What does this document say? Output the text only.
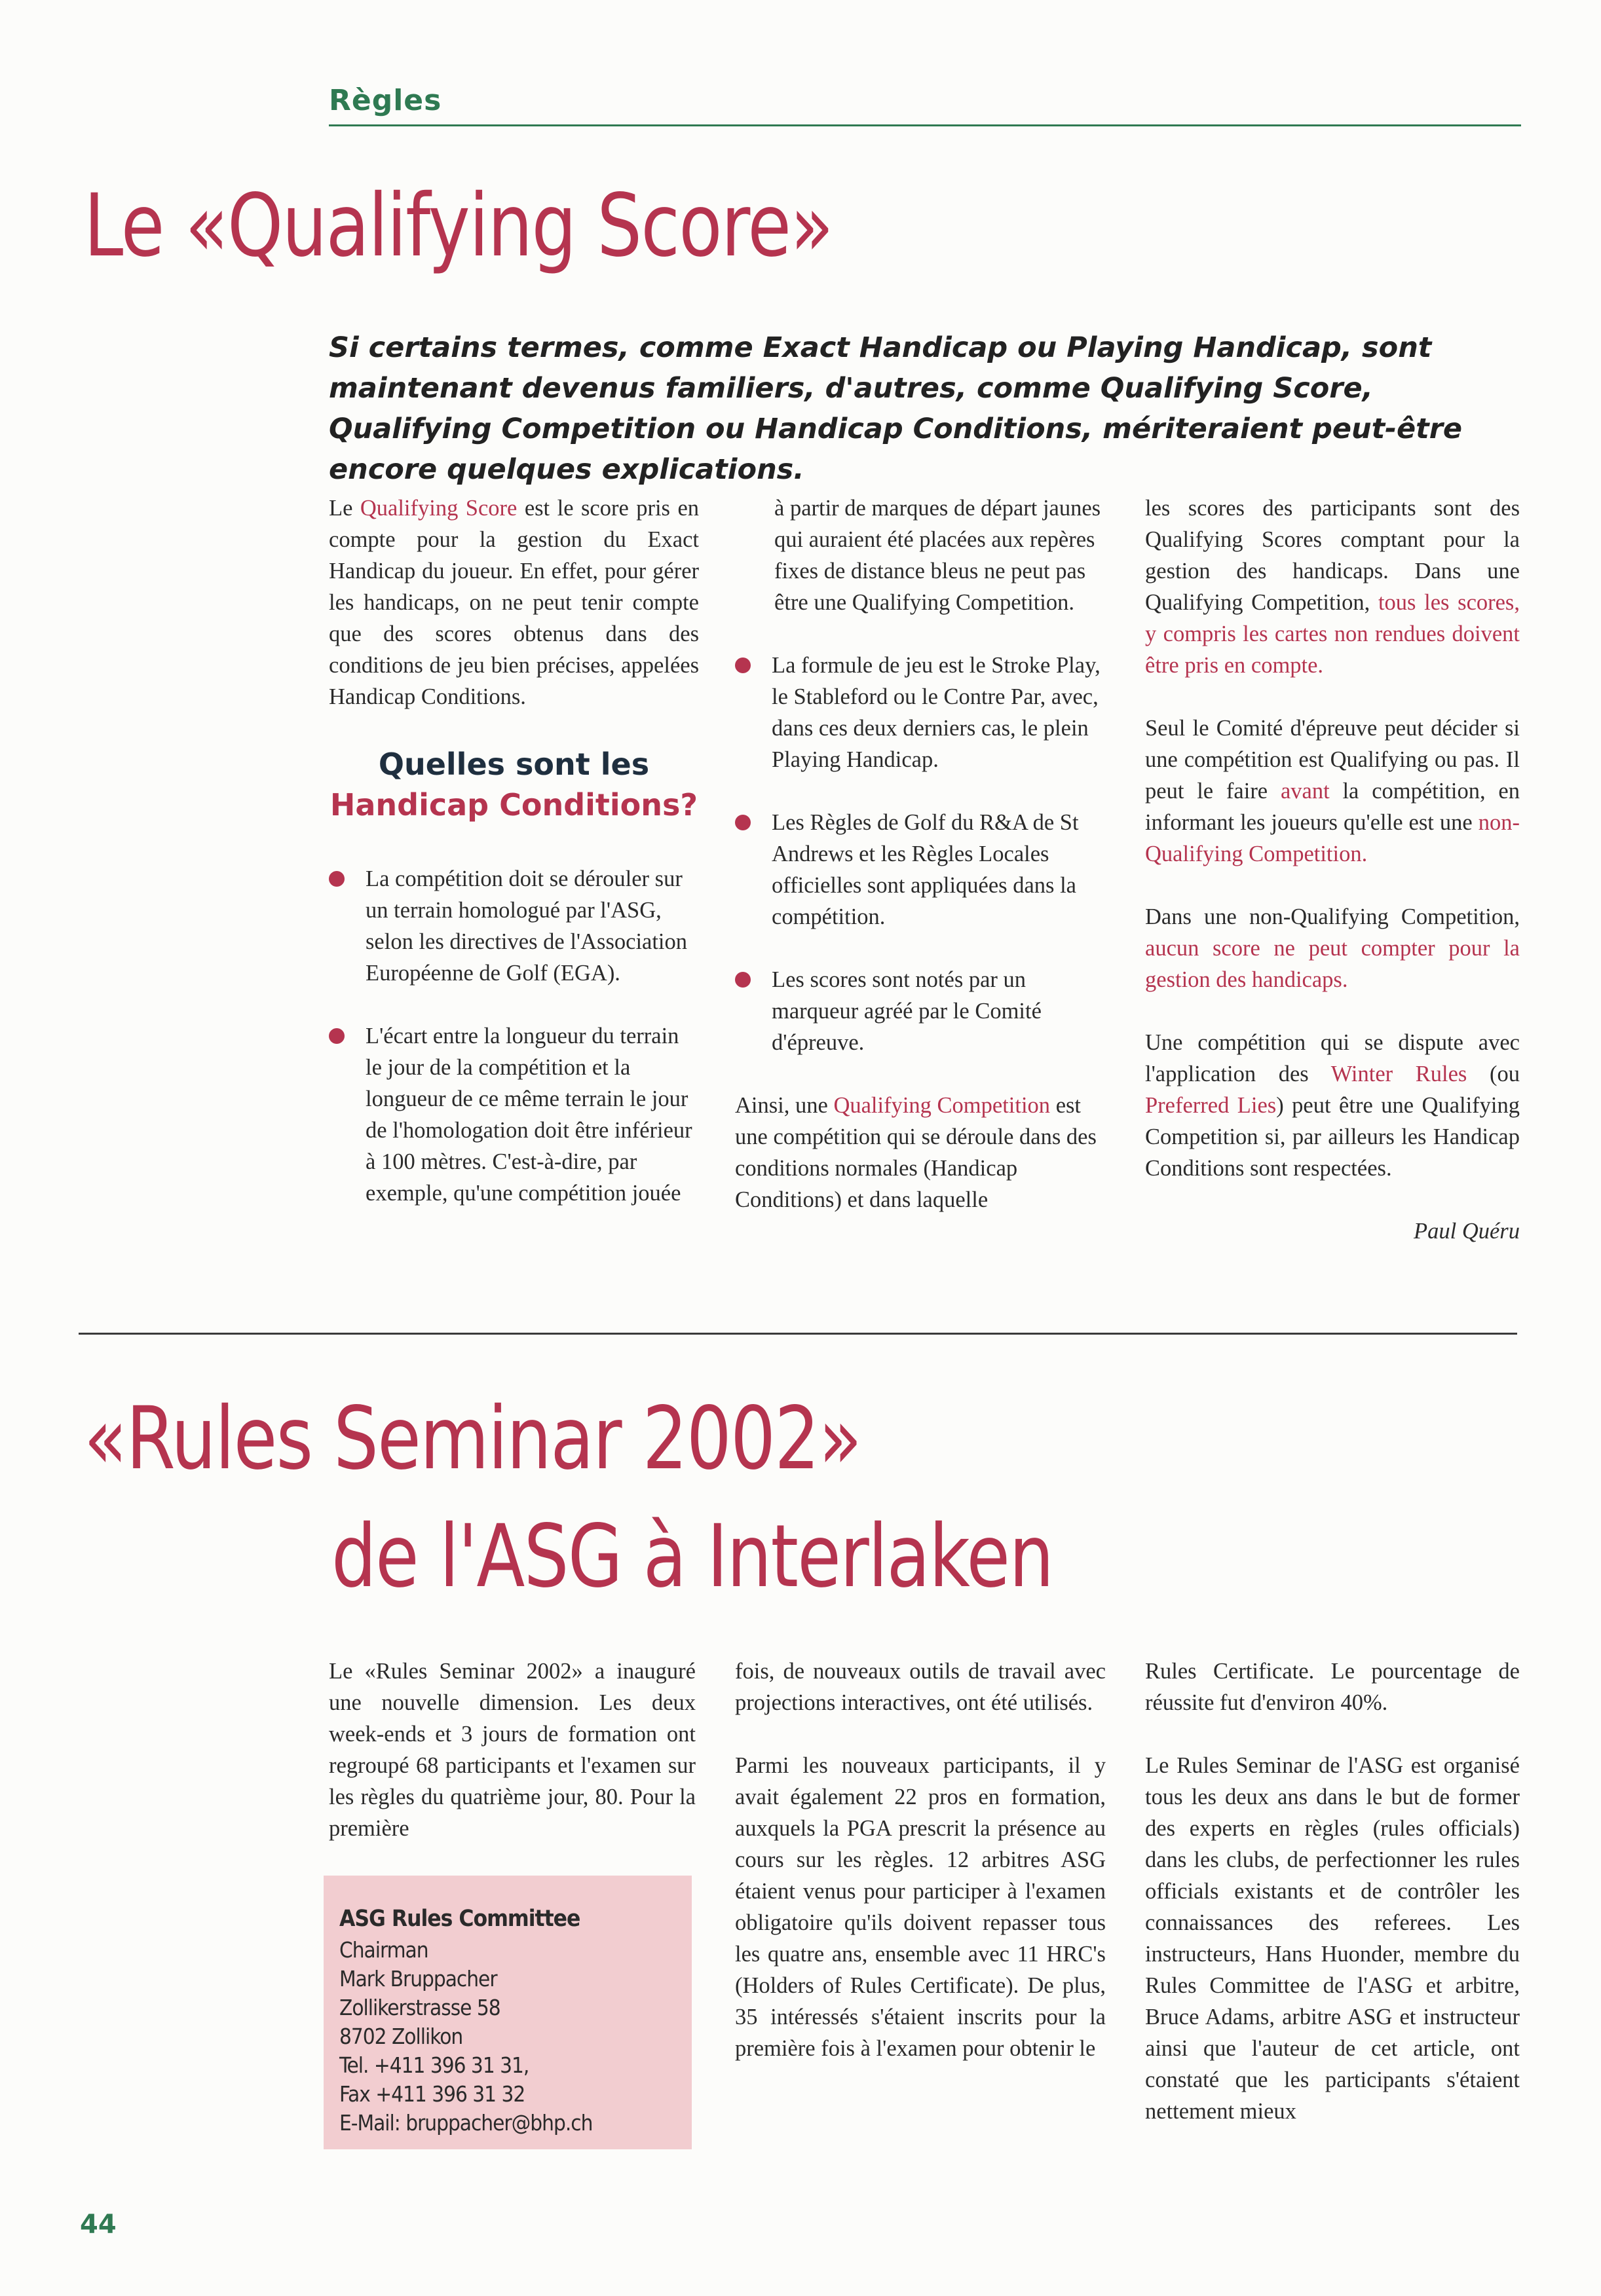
Règles
Le «Qualifying Score»
Si certains termes, comme Exact Handicap ou Playing Handicap, sont maintenant devenus familiers, d'autres, comme Qualifying Score, Qualifying Competition ou Handicap Conditions, mériteraient peut-être encore quelques explications.

Le Qualifying Score est le score pris en compte pour la gestion du Exact Handicap du joueur. En effet, pour gérer les handicaps, on ne peut tenir compte que des scores obtenus dans des conditions de jeu bien précises, appelées Handicap Conditions.

Quelles sont les
Handicap Conditions?
La compétition doit se dérouler sur un terrain homologué par l'ASG, selon les directives de l'Association Européenne de Golf (EGA).
L'écart entre la longueur du terrain le jour de la compétition et la longueur de ce même terrain le jour de l'homologation doit être inférieur à 100 mètres. C'est-à-dire, par exemple, qu'une compétition jouée

à partir de marques de départ jaunes qui auraient été placées aux repères fixes de distance bleus ne peut pas être une Qualifying Competition.

La formule de jeu est le Stroke Play, le Stableford ou le Contre Par, avec, dans ces deux derniers cas, le plein Playing Handicap.
Les Règles de Golf du R&A de St Andrews et les Règles Locales officielles sont appliquées dans la compétition.
Les scores sont notés par un marqueur agréé par le Comité d'épreuve.

Ainsi, une Qualifying Competition est une compétition qui se déroule dans des conditions normales (Handicap Conditions) et dans laquelle

les scores des participants sont des Qualifying Scores comptant pour la gestion des handicaps. Dans une Qualifying Competition, tous les scores, y compris les cartes non rendues doivent être pris en compte.

Seul le Comité d'épreuve peut décider si une compétition est Qualifying ou pas. Il peut le faire avant la compétition, en informant les joueurs qu'elle est une non-Qualifying Competition.

Dans une non-Qualifying Competition, aucun score ne peut compter pour la gestion des handicaps.

Une compétition qui se dispute avec l'application des Winter Rules (ou Preferred Lies) peut être une Qualifying Competition si, par ailleurs les Handicap Conditions sont respectées.

Paul Quéru

«Rules Seminar 2002»
de l'ASG à Interlaken

Le «Rules Seminar 2002» a inauguré une nouvelle dimension. Les deux week-ends et 3 jours de formation ont regroupé 68 participants et l'examen sur les règles du quatrième jour, 80. Pour la première

ASG Rules Committee
Chairman
Mark Bruppacher
Zollikerstrasse 58
8702 Zollikon
Tel. +411 396 31 31,
Fax +411 396 31 32
E-Mail: bruppacher@bhp.ch

fois, de nouveaux outils de travail avec projections interactives, ont été utilisés.

Parmi les nouveaux participants, il y avait également 22 pros en formation, auxquels la PGA prescrit la présence au cours sur les règles. 12 arbitres ASG étaient venus pour participer à l'examen obligatoire qu'ils doivent repasser tous les quatre ans, ensemble avec 11 HRC's (Holders of Rules Certificate). De plus, 35 intéressés s'étaient inscrits pour la première fois à l'examen pour obtenir le

Rules Certificate. Le pourcentage de réussite fut d'environ 40%.

Le Rules Seminar de l'ASG est organisé tous les deux ans dans le but de former des experts en règles (rules officials) dans les clubs, de perfectionner les rules officials existants et de contrôler les connaissances des referees. Les instructeurs, Hans Huonder, membre du Rules Committee de l'ASG et arbitre, Bruce Adams, arbitre ASG et instructeur ainsi que l'auteur de cet article, ont constaté que les participants s'étaient nettement mieux

44
